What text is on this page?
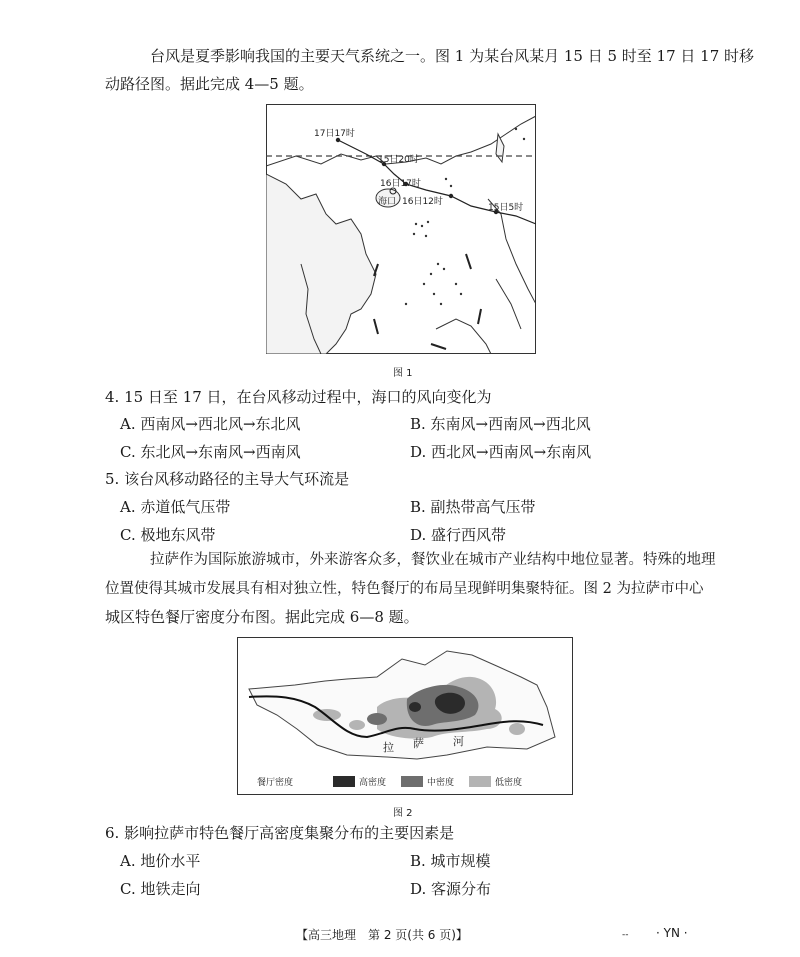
台风是夏季影响我国的主要天气系统之一。图 1 为某台风某月 15 日 5 时至 17 日 17 时移
动路径图。据此完成 4—5 题。
17日17时
15日20时
16日17时
海口 16日12时
15日5时
图 1
4. 15 日至 17 日，在台风移动过程中，海口的风向变化为
A. 西南风→西北风→东北风	B. 东南风→西南风→西北风
C. 东北风→东南风→西南风	D. 西北风→西南风→东南风
5. 该台风移动路径的主导大气环流是
A. 赤道低气压带	B. 副热带高气压带
C. 极地东风带	D. 盛行西风带
拉萨作为国际旅游城市，外来游客众多，餐饮业在城市产业结构中地位显著。特殊的地理
位置使得其城市发展具有相对独立性，特色餐厅的布局呈现鲜明集聚特征。图 2 为拉萨市中心
城区特色餐厅密度分布图。据此完成 6—8 题。
拉 萨	河
餐厅密度	高密度	中密度	低密度
图 2
6. 影响拉萨市特色餐厅高密度集聚分布的主要因素是
A. 地价水平	B. 城市规模
C. 地铁走向	D. 客源分布
【高三地理　第 2 页(共 6 页)】	-- · YN ·
